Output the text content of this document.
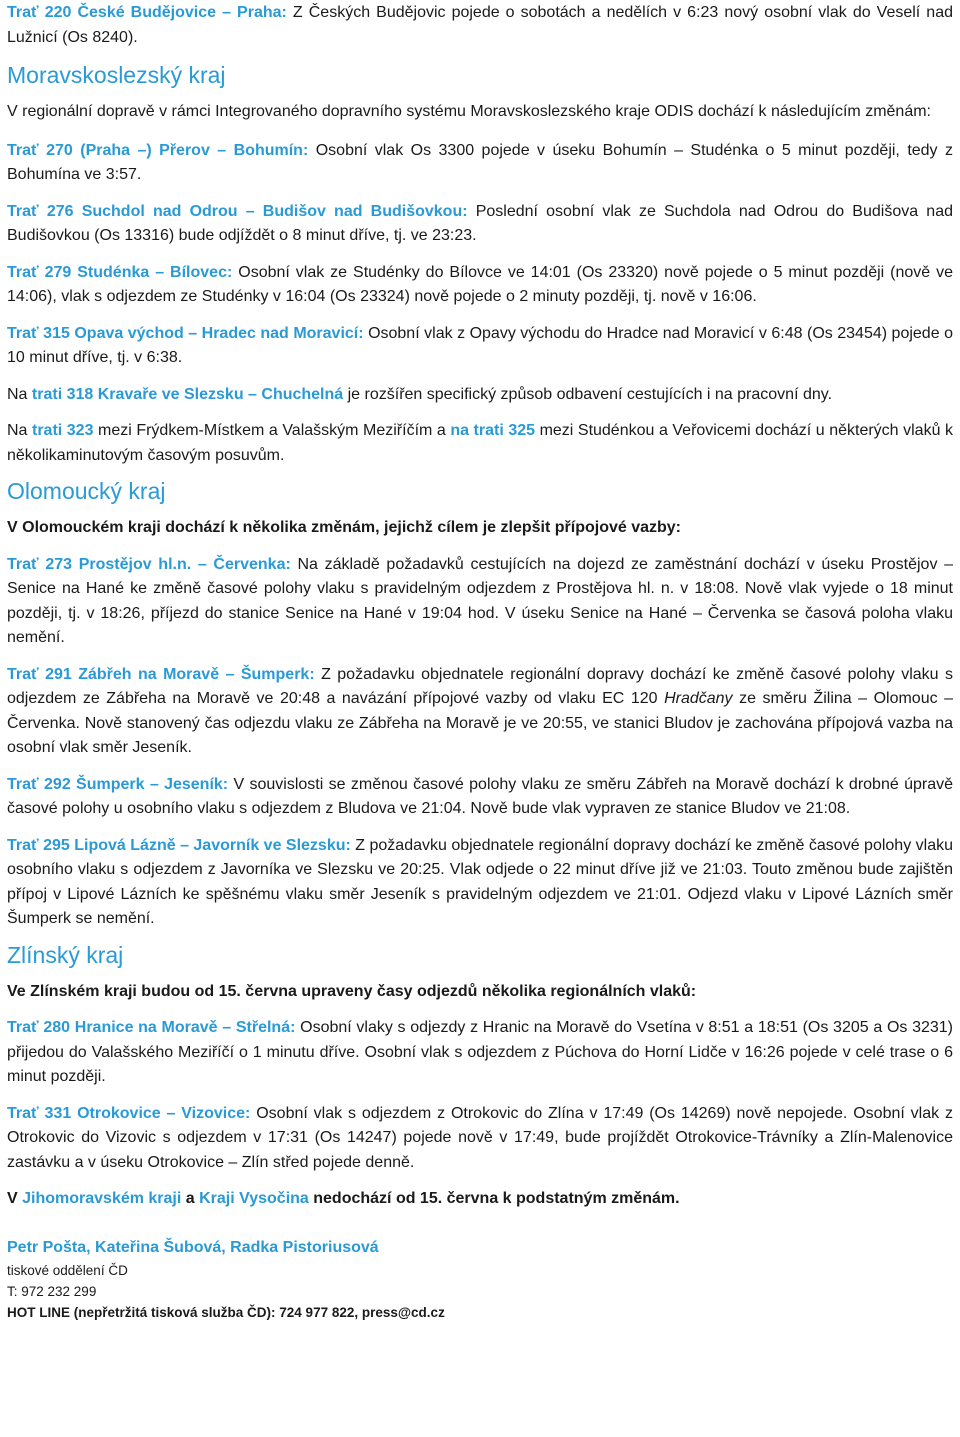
Trať 220 České Budějovice – Praha: Z Českých Budějovic pojede o sobotách a nedělích v 6:23 nový osobní vlak do Veselí nad Lužnicí (Os 8240).

Moravskoslezský kraj

V regionální dopravě v rámci Integrovaného dopravního systému Moravskoslezského kraje ODIS dochází k následujícím změnám:

Trať 270 (Praha –) Přerov – Bohumín: Osobní vlak Os 3300 pojede v úseku Bohumín – Studénka o 5 minut později, tedy z Bohumína ve 3:57.

Trať 276 Suchdol nad Odrou – Budišov nad Budišovkou: Poslední osobní vlak ze Suchdola nad Odrou do Budišova nad Budišovkou (Os 13316) bude odjíždět o 8 minut dříve, tj. ve 23:23.

Trať 279 Studénka – Bílovec: Osobní vlak ze Studénky do Bílovce ve 14:01 (Os 23320) nově pojede o 5 minut později (nově ve 14:06), vlak s odjezdem ze Studénky v 16:04 (Os 23324) nově pojede o 2 minuty později, tj. nově v 16:06.

Trať 315 Opava východ – Hradec nad Moravicí: Osobní vlak z Opavy východu do Hradce nad Moravicí v 6:48 (Os 23454) pojede o 10 minut dříve, tj. v 6:38.

Na trati 318 Kravaře ve Slezsku – Chuchelná je rozšířen specifický způsob odbavení cestujících i na pracovní dny.

Na trati 323 mezi Frýdkem-Místkem a Valašským Meziříčím a na trati 325 mezi Studénkou a Veřovicemi dochází u některých vlaků k několikaminutovým časovým posuvům.

Olomoucký kraj

V Olomouckém kraji dochází k několika změnám, jejichž cílem je zlepšit přípojové vazby:

Trať 273 Prostějov hl.n. – Červenka: Na základě požadavků cestujících na dojezd ze zaměstnání dochází v úseku Prostějov – Senice na Hané ke změně časové polohy vlaku s pravidelným odjezdem z Prostějova hl. n. v 18:08. Nově vlak vyjede o 18 minut později, tj. v 18:26, příjezd do stanice Senice na Hané v 19:04 hod. V úseku Senice na Hané – Červenka se časová poloha vlaku nemění.

Trať 291 Zábřeh na Moravě – Šumperk: Z požadavku objednatele regionální dopravy dochází ke změně časové polohy vlaku s odjezdem ze Zábřeha na Moravě ve 20:48 a navázání přípojové vazby od vlaku EC 120 Hradčany ze směru Žilina – Olomouc – Červenka. Nově stanovený čas odjezdu vlaku ze Zábřeha na Moravě je ve 20:55, ve stanici Bludov je zachována přípojová vazba na osobní vlak směr Jeseník.

Trať 292 Šumperk – Jeseník: V souvislosti se změnou časové polohy vlaku ze směru Zábřeh na Moravě dochází k drobné úpravě časové polohy u osobního vlaku s odjezdem z Bludova ve 21:04. Nově bude vlak vypraven ze stanice Bludov ve 21:08.

Trať 295 Lipová Lázně – Javorník ve Slezsku: Z požadavku objednatele regionální dopravy dochází ke změně časové polohy vlaku osobního vlaku s odjezdem z Javorníka ve Slezsku ve 20:25. Vlak odjede o 22 minut dříve již ve 21:03. Touto změnou bude zajištěn přípoj v Lipové Lázních ke spěšnému vlaku směr Jeseník s pravidelným odjezdem ve 21:01. Odjezd vlaku v Lipové Lázních směr Šumperk se nemění.

Zlínský kraj

Ve Zlínském kraji budou od 15. června upraveny časy odjezdů několika regionálních vlaků:

Trať 280 Hranice na Moravě – Střelná: Osobní vlaky s odjezdy z Hranic na Moravě do Vsetína v 8:51 a 18:51 (Os 3205 a Os 3231) přijedou do Valašského Meziříčí o 1 minutu dříve. Osobní vlak s odjezdem z Púchova do Horní Lidče v 16:26 pojede v celé trase o 6 minut později.

Trať 331 Otrokovice – Vizovice: Osobní vlak s odjezdem z Otrokovic do Zlína v 17:49 (Os 14269) nově nepojede. Osobní vlak z Otrokovic do Vizovic s odjezdem v 17:31 (Os 14247) pojede nově v 17:49, bude projíždět Otrokovice-Trávníky a Zlín-Malenovice zastávku a v úseku Otrokovice – Zlín střed pojede denně.

V Jihomoravském kraji a Kraji Vysočina nedochází od 15. června k podstatným změnám.

Petr Pošta, Kateřina Šubová, Radka Pistoriusová

tiskové oddělení ČD

T: 972 232 299

HOT LINE (nepřetržitá tisková služba ČD): 724 977 822, press@cd.cz
